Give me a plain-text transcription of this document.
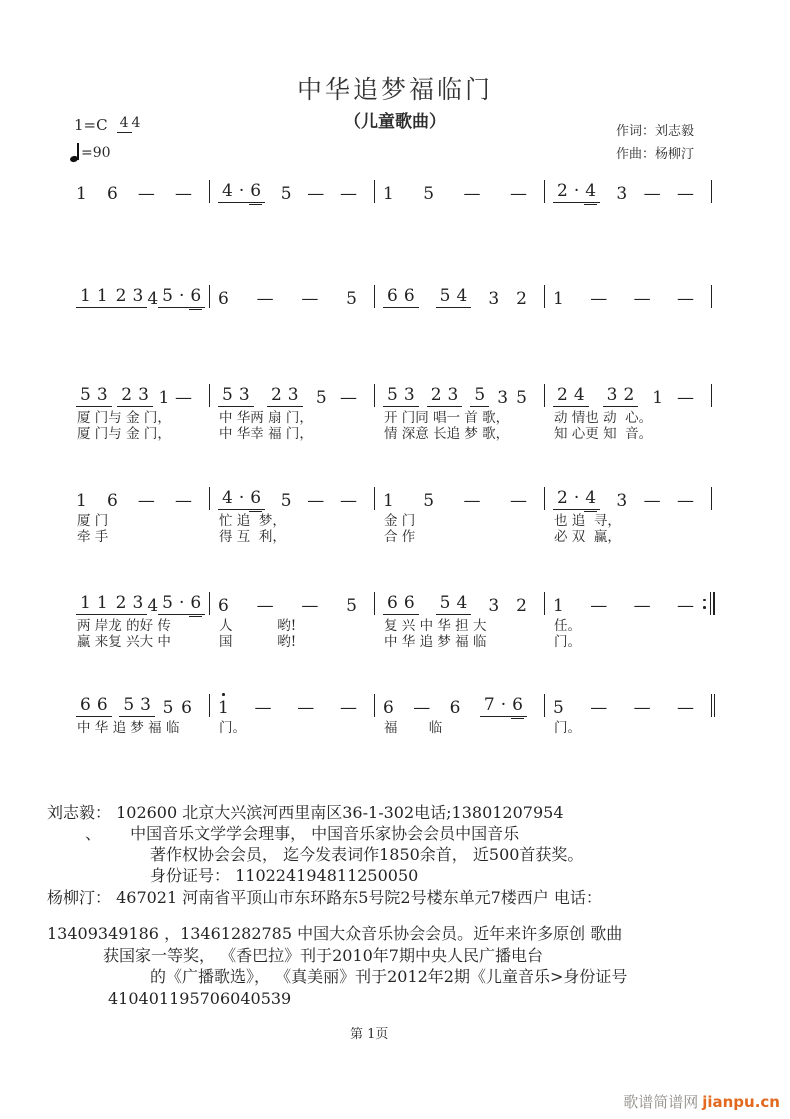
中华追梦福临门
（儿童歌曲）	作词：刘志毅
作曲：杨柳汀
1=C 4 4
=90
1 6 — — 4 · 6 5 — — 1 5 — — 2 · 4 3 — —
1 1 2 3 4 5 · 6 6 — — 5 6 6 5 4 3 2 1 — — —
5 3 2 3 1 —
厦 门与 金 门，
厦 门与 金 门，
5 3 2 3 5 —
中 华两 扇 门，
中 华幸 福 门，
5 3 2 3 5 3 5
开 门同 唱一 首 歌，
情 深意 长追 梦 歌，
2 4 3 2 1 —
动 情也 动  心。
知 心更 知  音。
1 6 — —
厦 门
牵 手
4 · 6 5 — —
忙 追  梦，
得 互  利，
1 5 — —
金 门
合 作
2 · 4 3 — —
也 追  寻，
必 双  赢，
1 1 2 3 4 5 · 6
两 岸龙 的好 传
赢 来复 兴大 中
6 — — 5
人　　　 哟!
国　　　 哟!
6 6 5 4 3 2
复 兴 中 华 担 大
中 华 追 梦 福 临
1 — — —
任。
门。
6 6 5 3 5 6
中 华 追 梦 福 临
1 — — —
门。
6 — 6 7 · 6
福　　 临
5 — — —
门。
刘志毅： 102600 北京大兴滨河西里南区36-1-302电话;13801207954
、　　 中国音乐文学学会理事， 中国音乐家协会会员中国音乐
著作权协会会员， 迄今发表词作1850余首， 近500首获奖。
身份证号： 110224194811250050
杨柳汀： 467021 河南省平顶山市东环路东5号院2号楼东单元7楼西户 电话：
13409349186 ，13461282785 中国大众音乐协会会员。近年来许多原创 歌曲
获国家一等奖， 《香巴拉》刊于2010年7期中央人民广播电台
的《广播歌选》， 《真美丽》刊于2012年2期《儿童音乐>身份证号
410401195706040539
第 1页
歌谱简谱网 jianpu.cn
